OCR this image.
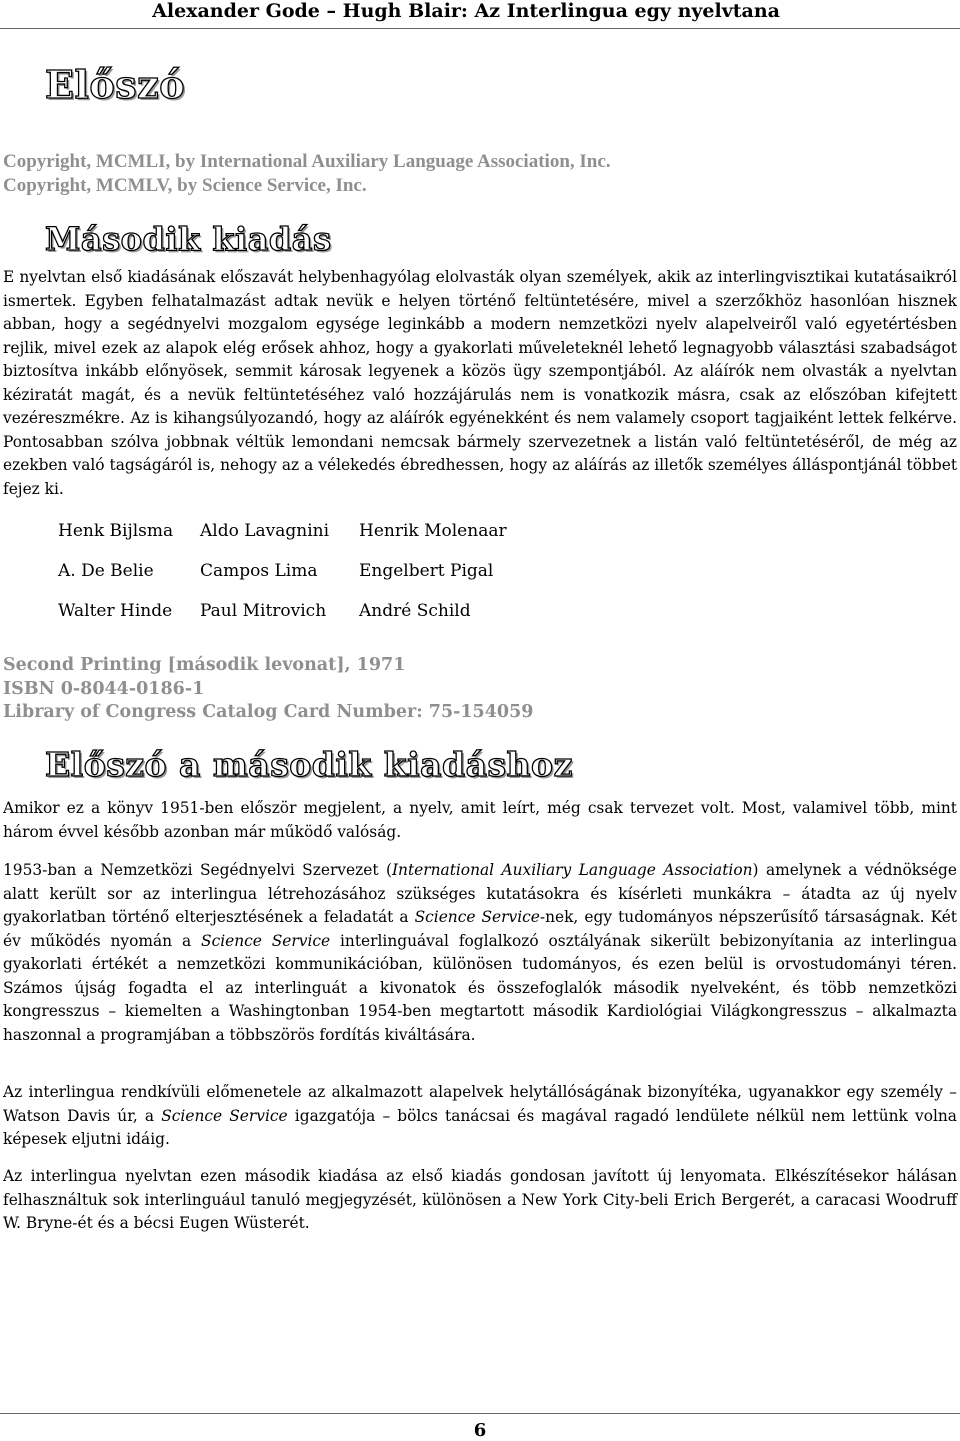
Alexander Gode – Hugh Blair: Az Interlingua egy nyelvtana
Előszó
Copyright, MCMLI, by International Auxiliary Language Association, Inc.
Copyright, MCMLV, by Science Service, Inc.
Második kiadás

E nyelvtan első kiadásának előszavát helybenhagyólag elolvasták olyan személyek, akik az interlingvisztikai kutatásaikról ismertek. Egyben felhatalmazást adtak nevük e helyen történő feltüntetésére, mivel a szerzőkhöz hasonlóan hisznek abban, hogy a segédnyelvi mozgalom egysége leginkább a modern nemzetközi nyelv alapelveiről való egyetértésben rejlik, mivel ezek az alapok elég erősek ahhoz, hogy a gyakorlati műveleteknél lehető legnagyobb választási szabadságot biztosítva inkább előnyösek, semmit károsak legyenek a közös ügy szempontjából. Az aláírók nem olvasták a nyelvtan kéziratát magát, és a nevük feltüntetéséhez való hozzájárulás nem is vonatkozik másra, csak az előszóban kifejtett vezéreszmékre. Az is kihangsúlyozandó, hogy az aláírók egyénekként és nem valamely csoport tagjaiként lettek felkérve. Pontosabban szólva jobbnak véltük lemondani nemcsak bármely szervezetnek a listán való feltüntetéséről, de még az ezekben való tagságáról is, nehogy az a vélekedés ébredhessen, hogy az aláírás az illetők személyes álláspontjánál többet fejez ki.

Henk Bijlsma	Aldo Lavagnini	Henrik Molenaar
A. De Belie	Campos Lima	Engelbert Pigal
Walter Hinde	Paul Mitrovich	André Schild
Second Printing [második levonat], 1971
ISBN 0-8044-0186-1
Library of Congress Catalog Card Number: 75-154059
Előszó a második kiadáshoz

Amikor ez a könyv 1951-ben először megjelent, a nyelv, amit leírt, még csak tervezet volt. Most, valamivel több, mint három évvel később azonban már működő valóság.

1953-ban a Nemzetközi Segédnyelvi Szervezet (International Auxiliary Language Association) amelynek a védnöksége alatt került sor az interlingua létrehozásához szükséges kutatásokra és kísérleti munkákra – átadta az új nyelv gyakorlatban történő elterjesztésének a feladatát a Science Service-nek, egy tudományos népszerűsítő társaságnak. Két év működés nyomán a Science Service interlinguával foglalkozó osztályának sikerült bebizonyítania az interlingua gyakorlati értékét a nemzetközi kommunikációban, különösen tudományos, és ezen belül is orvostudományi téren. Számos újság fogadta el az interlinguát a kivonatok és összefoglalók második nyelveként, és több nemzetközi kongresszus – kiemelten a Washingtonban 1954-ben megtartott második Kardiológiai Világkongresszus – alkalmazta haszonnal a programjában a többszörös fordítás kiváltására.

Az interlingua rendkívüli előmenetele az alkalmazott alapelvek helytállóságának bizonyítéka, ugyanakkor egy személy – Watson Davis úr, a Science Service igazgatója – bölcs tanácsai és magával ragadó lendülete nélkül nem lettünk volna képesek eljutni idáig.

Az interlingua nyelvtan ezen második kiadása az első kiadás gondosan javított új lenyomata. Elkészítésekor hálásan felhasználtuk sok interlinguául tanuló megjegyzését, különösen a New York City-beli Erich Bergerét, a caracasi Woodruff W. Bryne-ét és a bécsi Eugen Wüsterét.

6
